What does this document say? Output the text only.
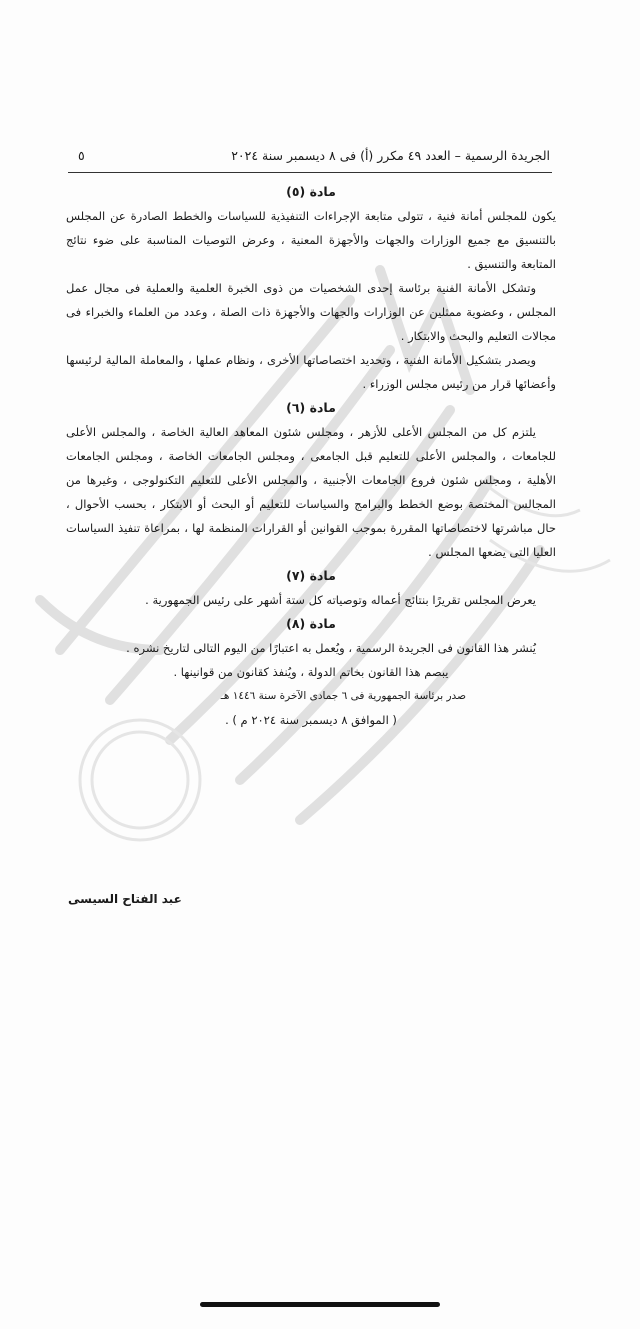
الجريدة الرسمية – العدد ٤٩ مكرر (أ) فى ٨ ديسمبر سنة ٢٠٢٤
٥
مادة (٥)

يكون للمجلس أمانة فنية ، تتولى متابعة الإجراءات التنفيذية للسياسات والخطط الصادرة عن المجلس بالتنسيق مع جميع الوزارات والجهات والأجهزة المعنية ، وعرض التوصيات المناسبة على ضوء نتائج المتابعة والتنسيق .

وتشكل الأمانة الفنية برئاسة إحدى الشخصيات من ذوى الخبرة العلمية والعملية فى مجال عمل المجلس ، وعضوية ممثلين عن الوزارات والجهات والأجهزة ذات الصلة ، وعدد من العلماء والخبراء فى مجالات التعليم والبحث والابتكار .

ويصدر بتشكيل الأمانة الفنية ، وتحديد اختصاصاتها الأخرى ، ونظام عملها ، والمعاملة المالية لرئيسها وأعضائها قرار من رئيس مجلس الوزراء .

مادة (٦)

يلتزم كل من المجلس الأعلى للأزهر ، ومجلس شئون المعاهد العالية الخاصة ، والمجلس الأعلى للجامعات ، والمجلس الأعلى للتعليم قبل الجامعى ، ومجلس الجامعات الخاصة ، ومجلس الجامعات الأهلية ، ومجلس شئون فروع الجامعات الأجنبية ، والمجلس الأعلى للتعليم التكنولوجى ، وغيرها من المجالس المختصة بوضع الخطط والبرامج والسياسات للتعليم أو البحث أو الابتكار ، بحسب الأحوال ، حال مباشرتها لاختصاصاتها المقررة بموجب القوانين أو القرارات المنظمة لها ، بمراعاة تنفيذ السياسات العليا التى يضعها المجلس .

مادة (٧)

يعرض المجلس تقريرًا بنتائج أعماله وتوصياته كل ستة أشهر على رئيس الجمهورية .

مادة (٨)

يُنشر هذا القانون فى الجريدة الرسمية ، ويُعمل به اعتبارًا من اليوم التالى لتاريخ نشره .

يبصم هذا القانون بخاتم الدولة ، ويُنفذ كقانون من قوانينها .

صدر برئاسة الجمهورية فى ٦ جمادى الآخرة سنة ١٤٤٦ هـ

( الموافق ٨ ديسمبر سنة ٢٠٢٤ م ) .

عبد الفتاح السيسى
